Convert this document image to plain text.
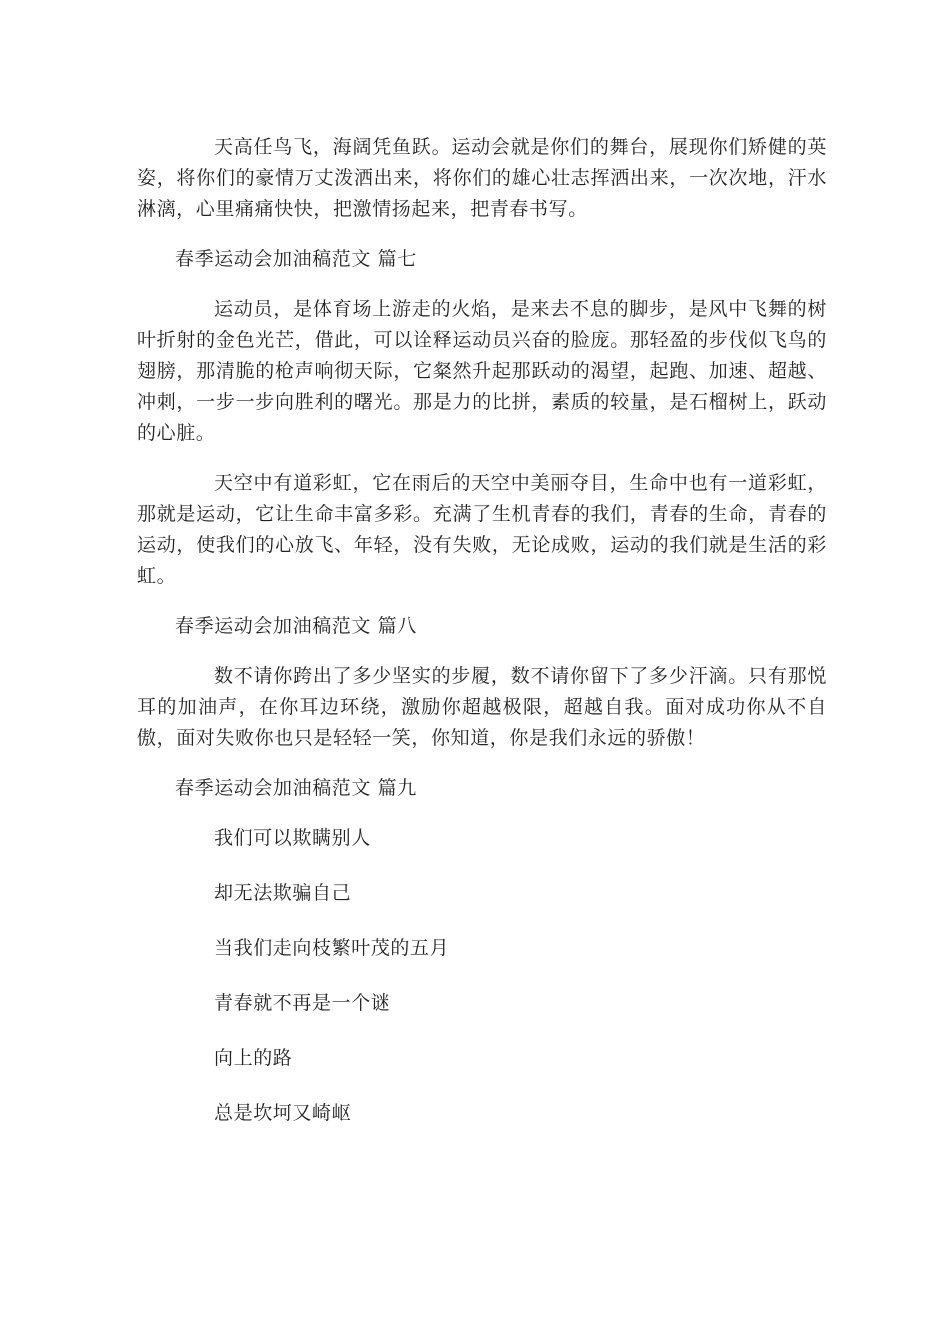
天高任鸟飞，海阔凭鱼跃。运动会就是你们的舞台，展现你们矫健的英姿，将你们的豪情万丈泼洒出来，将你们的雄心壮志挥洒出来，一次次地，汗水淋漓，心里痛痛快快，把激情扬起来，把青春书写。

春季运动会加油稿范文 篇七

运动员，是体育场上游走的火焰，是来去不息的脚步，是风中飞舞的树叶折射的金色光芒，借此，可以诠释运动员兴奋的脸庞。那轻盈的步伐似飞鸟的翅膀，那清脆的枪声响彻天际，它粲然升起那跃动的渴望，起跑、加速、超越、冲刺，一步一步向胜利的曙光。那是力的比拼，素质的较量，是石榴树上，跃动的心脏。

天空中有道彩虹，它在雨后的天空中美丽夺目，生命中也有一道彩虹，那就是运动，它让生命丰富多彩。充满了生机青春的我们，青春的生命，青春的运动，使我们的心放飞、年轻，没有失败，无论成败，运动的我们就是生活的彩虹。

春季运动会加油稿范文 篇八

数不请你跨出了多少坚实的步履，数不请你留下了多少汗滴。只有那悦耳的加油声，在你耳边环绕，激励你超越极限，超越自我。面对成功你从不自傲，面对失败你也只是轻轻一笑，你知道，你是我们永远的骄傲！

春季运动会加油稿范文 篇九

我们可以欺瞒别人

却无法欺骗自己

当我们走向枝繁叶茂的五月

青春就不再是一个谜

向上的路

总是坎坷又崎岖
